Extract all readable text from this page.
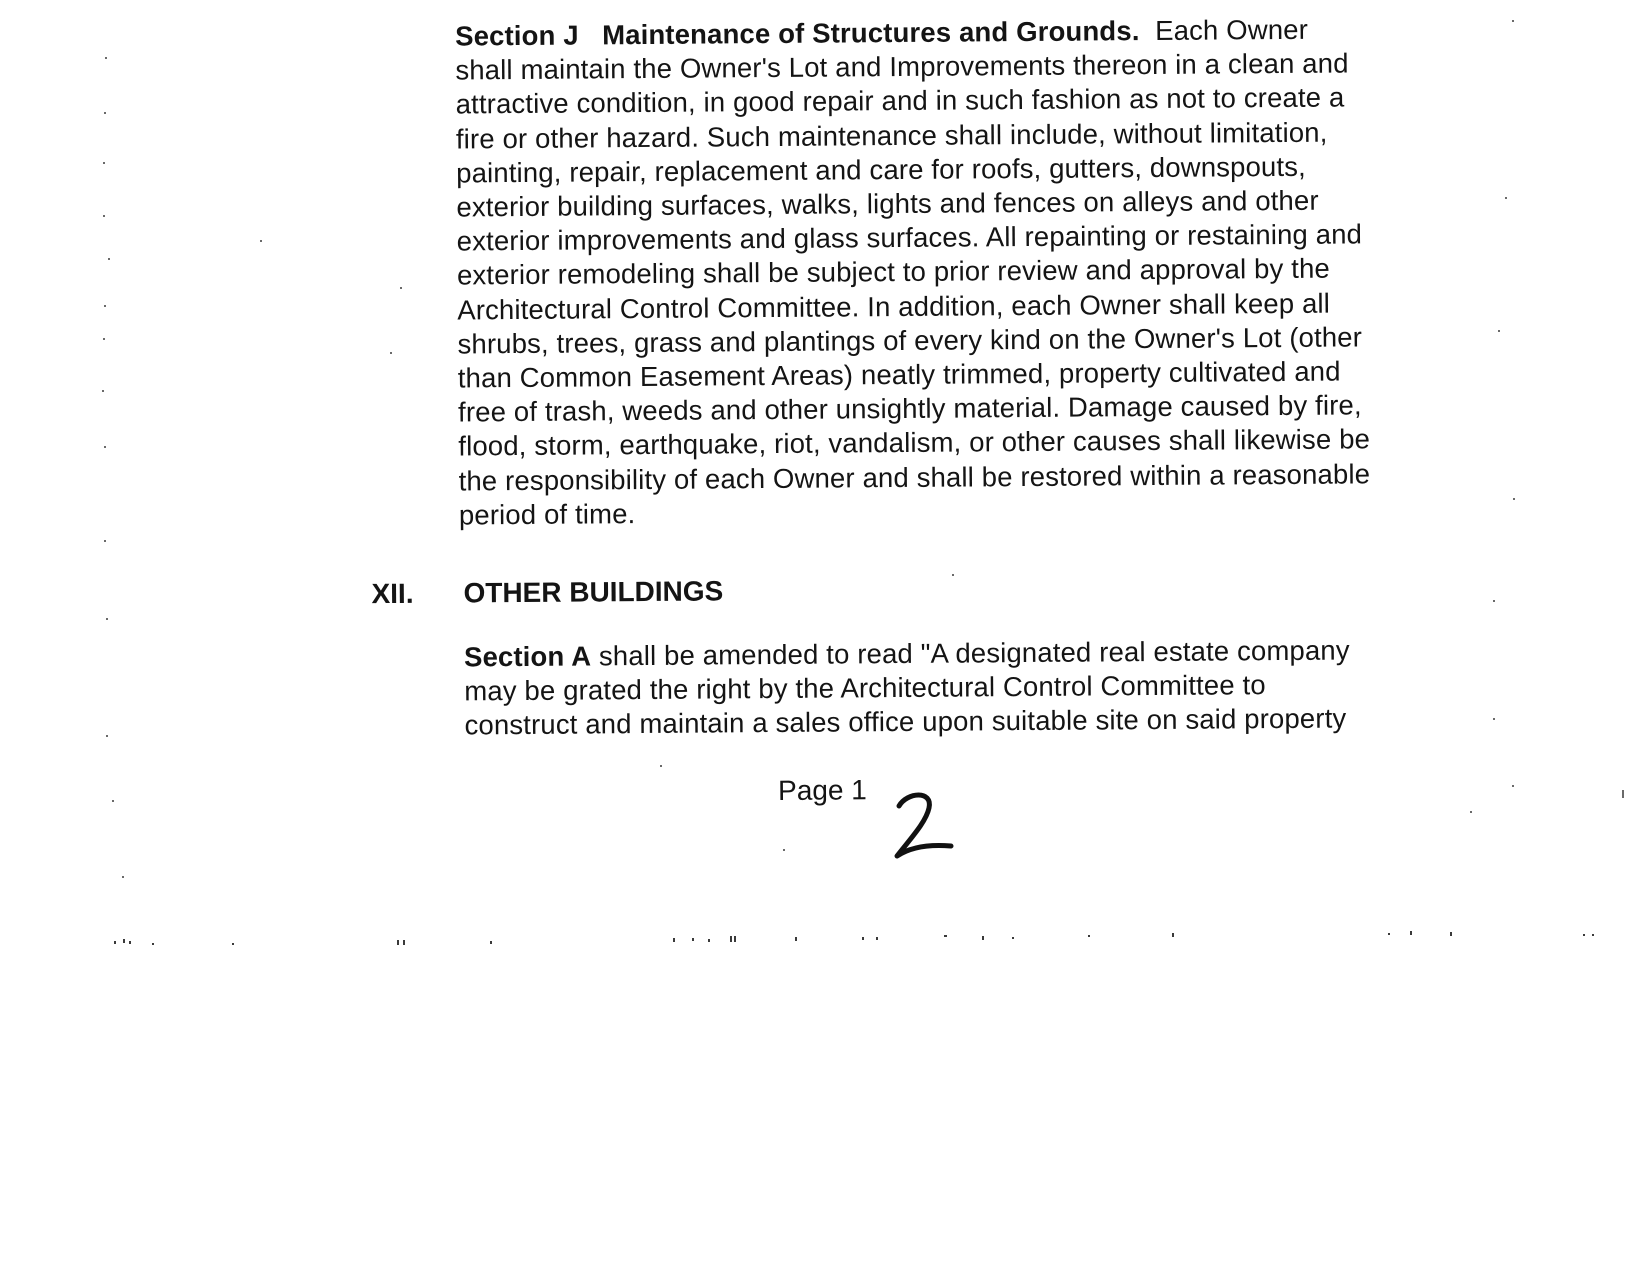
Section J Maintenance of Structures and Grounds. Each Owner
shall maintain the Owner's Lot and Improvements thereon in a clean and
attractive condition, in good repair and in such fashion as not to create a
fire or other hazard. Such maintenance shall include, without limitation,
painting, repair, replacement and care for roofs, gutters, downspouts,
exterior building surfaces, walks, lights and fences on alleys and other
exterior improvements and glass surfaces. All repainting or restaining and
exterior remodeling shall be subject to prior review and approval by the
Architectural Control Committee. In addition, each Owner shall keep all
shrubs, trees, grass and plantings of every kind on the Owner's Lot (other
than Common Easement Areas) neatly trimmed, property cultivated and
free of trash, weeds and other unsightly material. Damage caused by fire,
flood, storm, earthquake, riot, vandalism, or other causes shall likewise be
the responsibility of each Owner and shall be restored within a reasonable
period of time.
XII. OTHER BUILDINGS
Section A shall be amended to read "A designated real estate company
may be grated the right by the Architectural Control Committee to
construct and maintain a sales office upon suitable site on said property
Page 1
